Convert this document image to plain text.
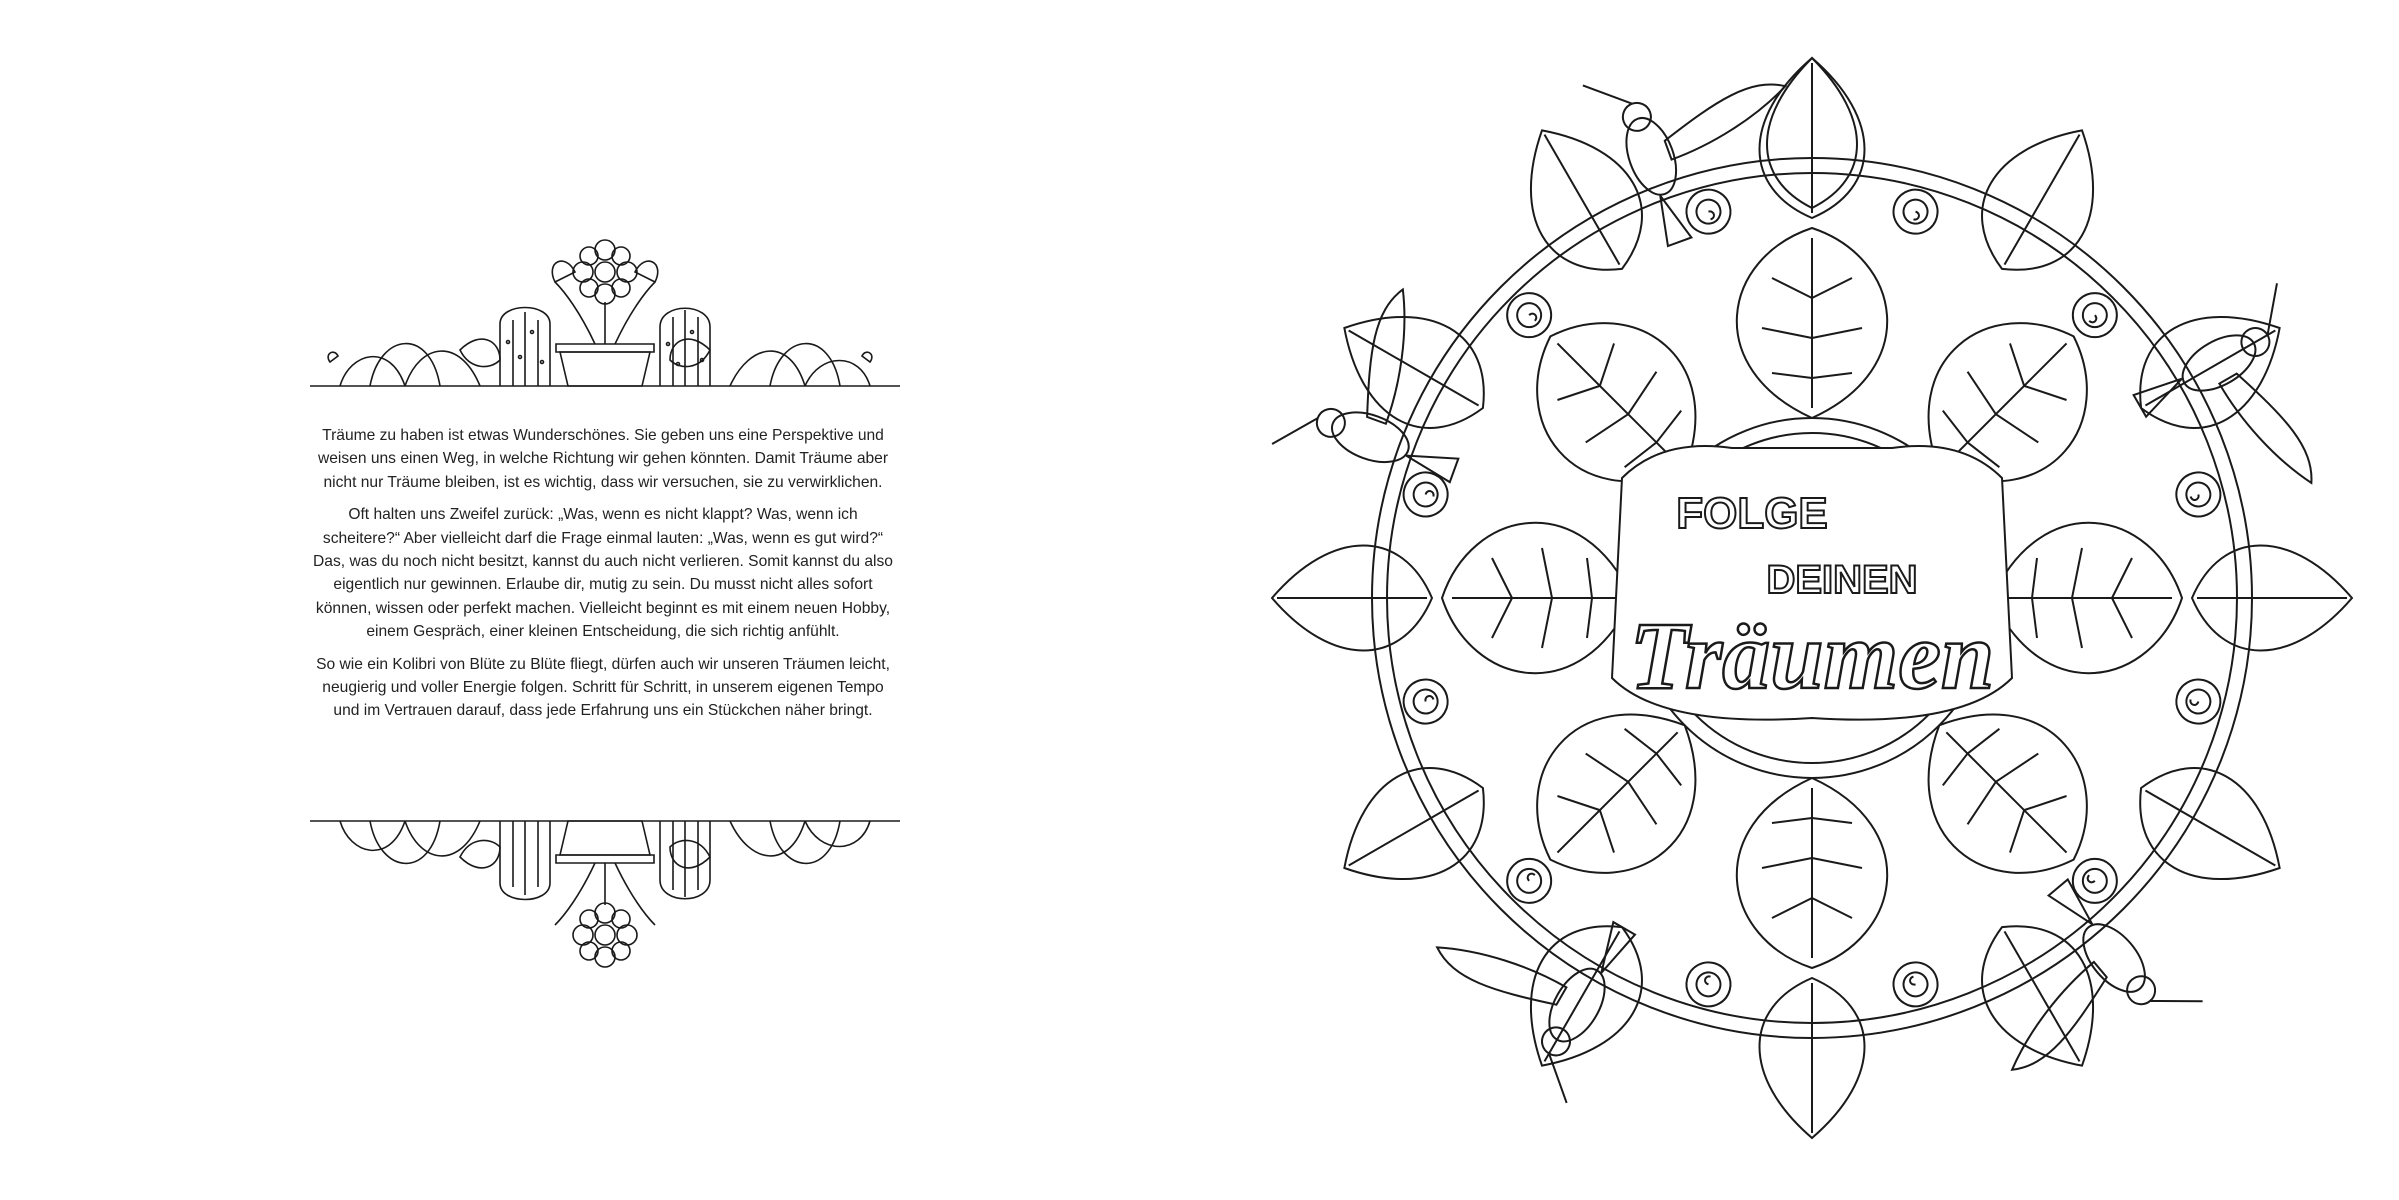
Träume zu haben ist etwas Wunderschönes. Sie geben uns eine Perspektive und weisen uns einen Weg, in welche Richtung wir gehen könnten. Damit Träume aber nicht nur Träume bleiben, ist es wichtig, dass wir versuchen, sie zu verwirklichen.

Oft halten uns Zweifel zurück: „Was, wenn es nicht klappt? Was, wenn ich scheitere?“ Aber vielleicht darf die Frage einmal lauten: „Was, wenn es gut wird?“ Das, was du noch nicht besitzt, kannst du auch nicht verlieren. Somit kannst du also eigentlich nur gewinnen. Erlaube dir, mutig zu sein. Du musst nicht alles sofort können, wissen oder perfekt machen. Vielleicht beginnt es mit einem neuen Hobby, einem Gespräch, einer kleinen Entscheidung, die sich richtig anfühlt.

So wie ein Kolibri von Blüte zu Blüte fliegt, dürfen auch wir unseren Träumen leicht, neugierig und voller Energie folgen. Schritt für Schritt, in unserem eigenen Tempo und im Vertrauen darauf, dass jede Erfahrung uns ein Stückchen näher bringt.

FOLGE
DEINEN
Träumen
